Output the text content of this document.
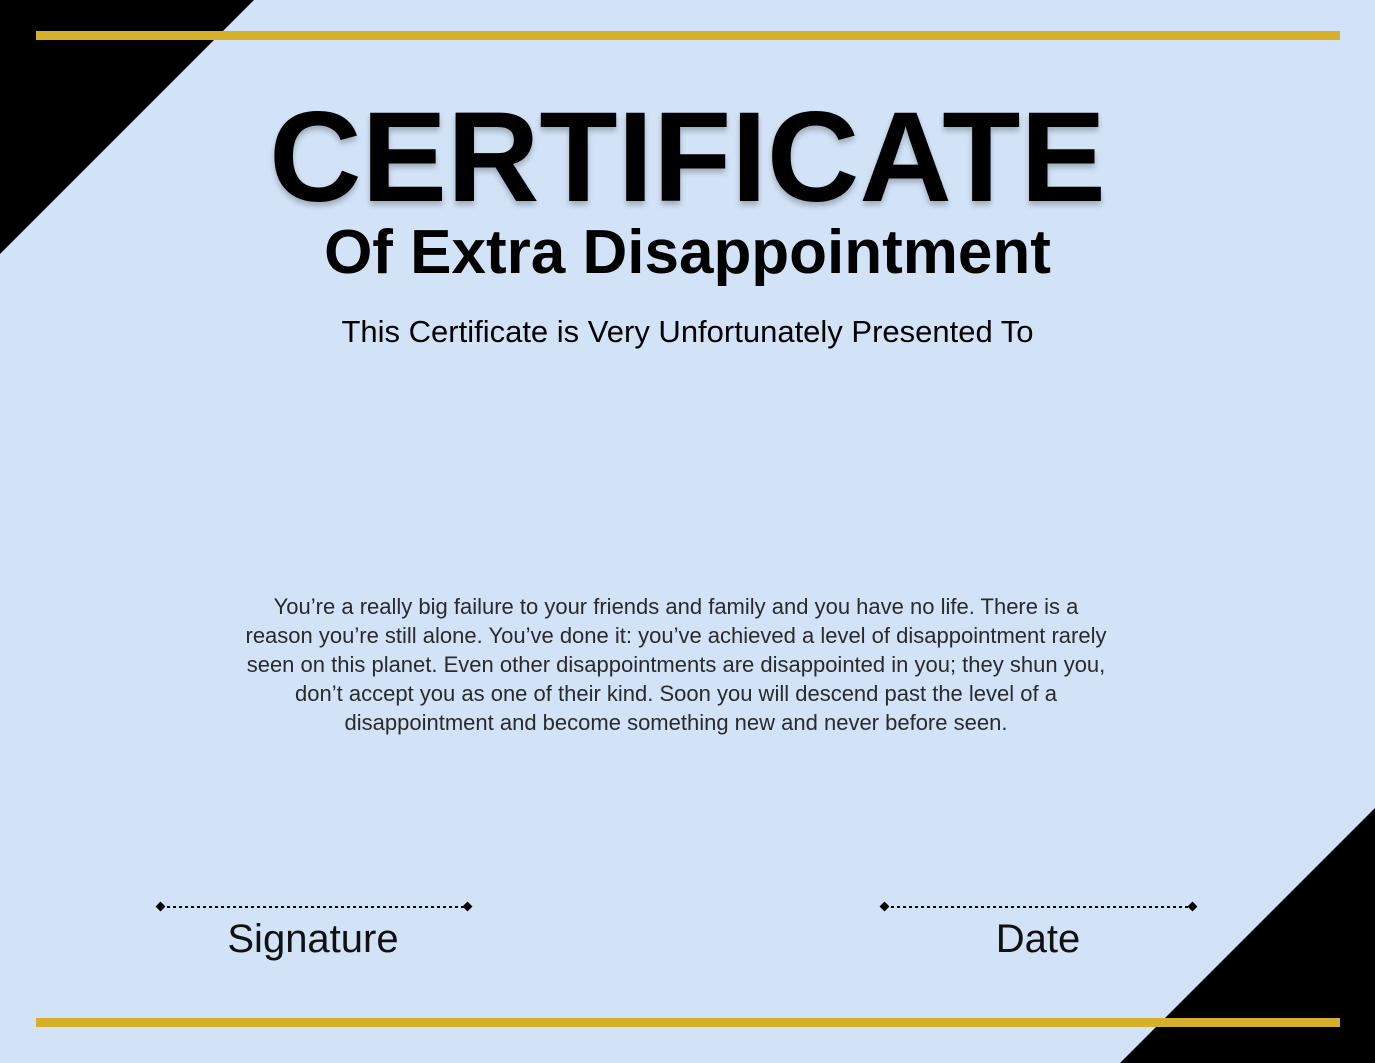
CERTIFICATE
Of Extra Disappointment
This Certificate is Very Unfortunately Presented To
You’re a really big failure to your friends and family and you have no life. There is a reason you’re still alone. You’ve done it: you’ve achieved a level of disappointment rarely seen on this planet. Even other disappointments are disappointed in you; they shun you, don’t accept you as one of their kind. Soon you will descend past the level of a disappointment and become something new and never before seen.
Signature	Date
